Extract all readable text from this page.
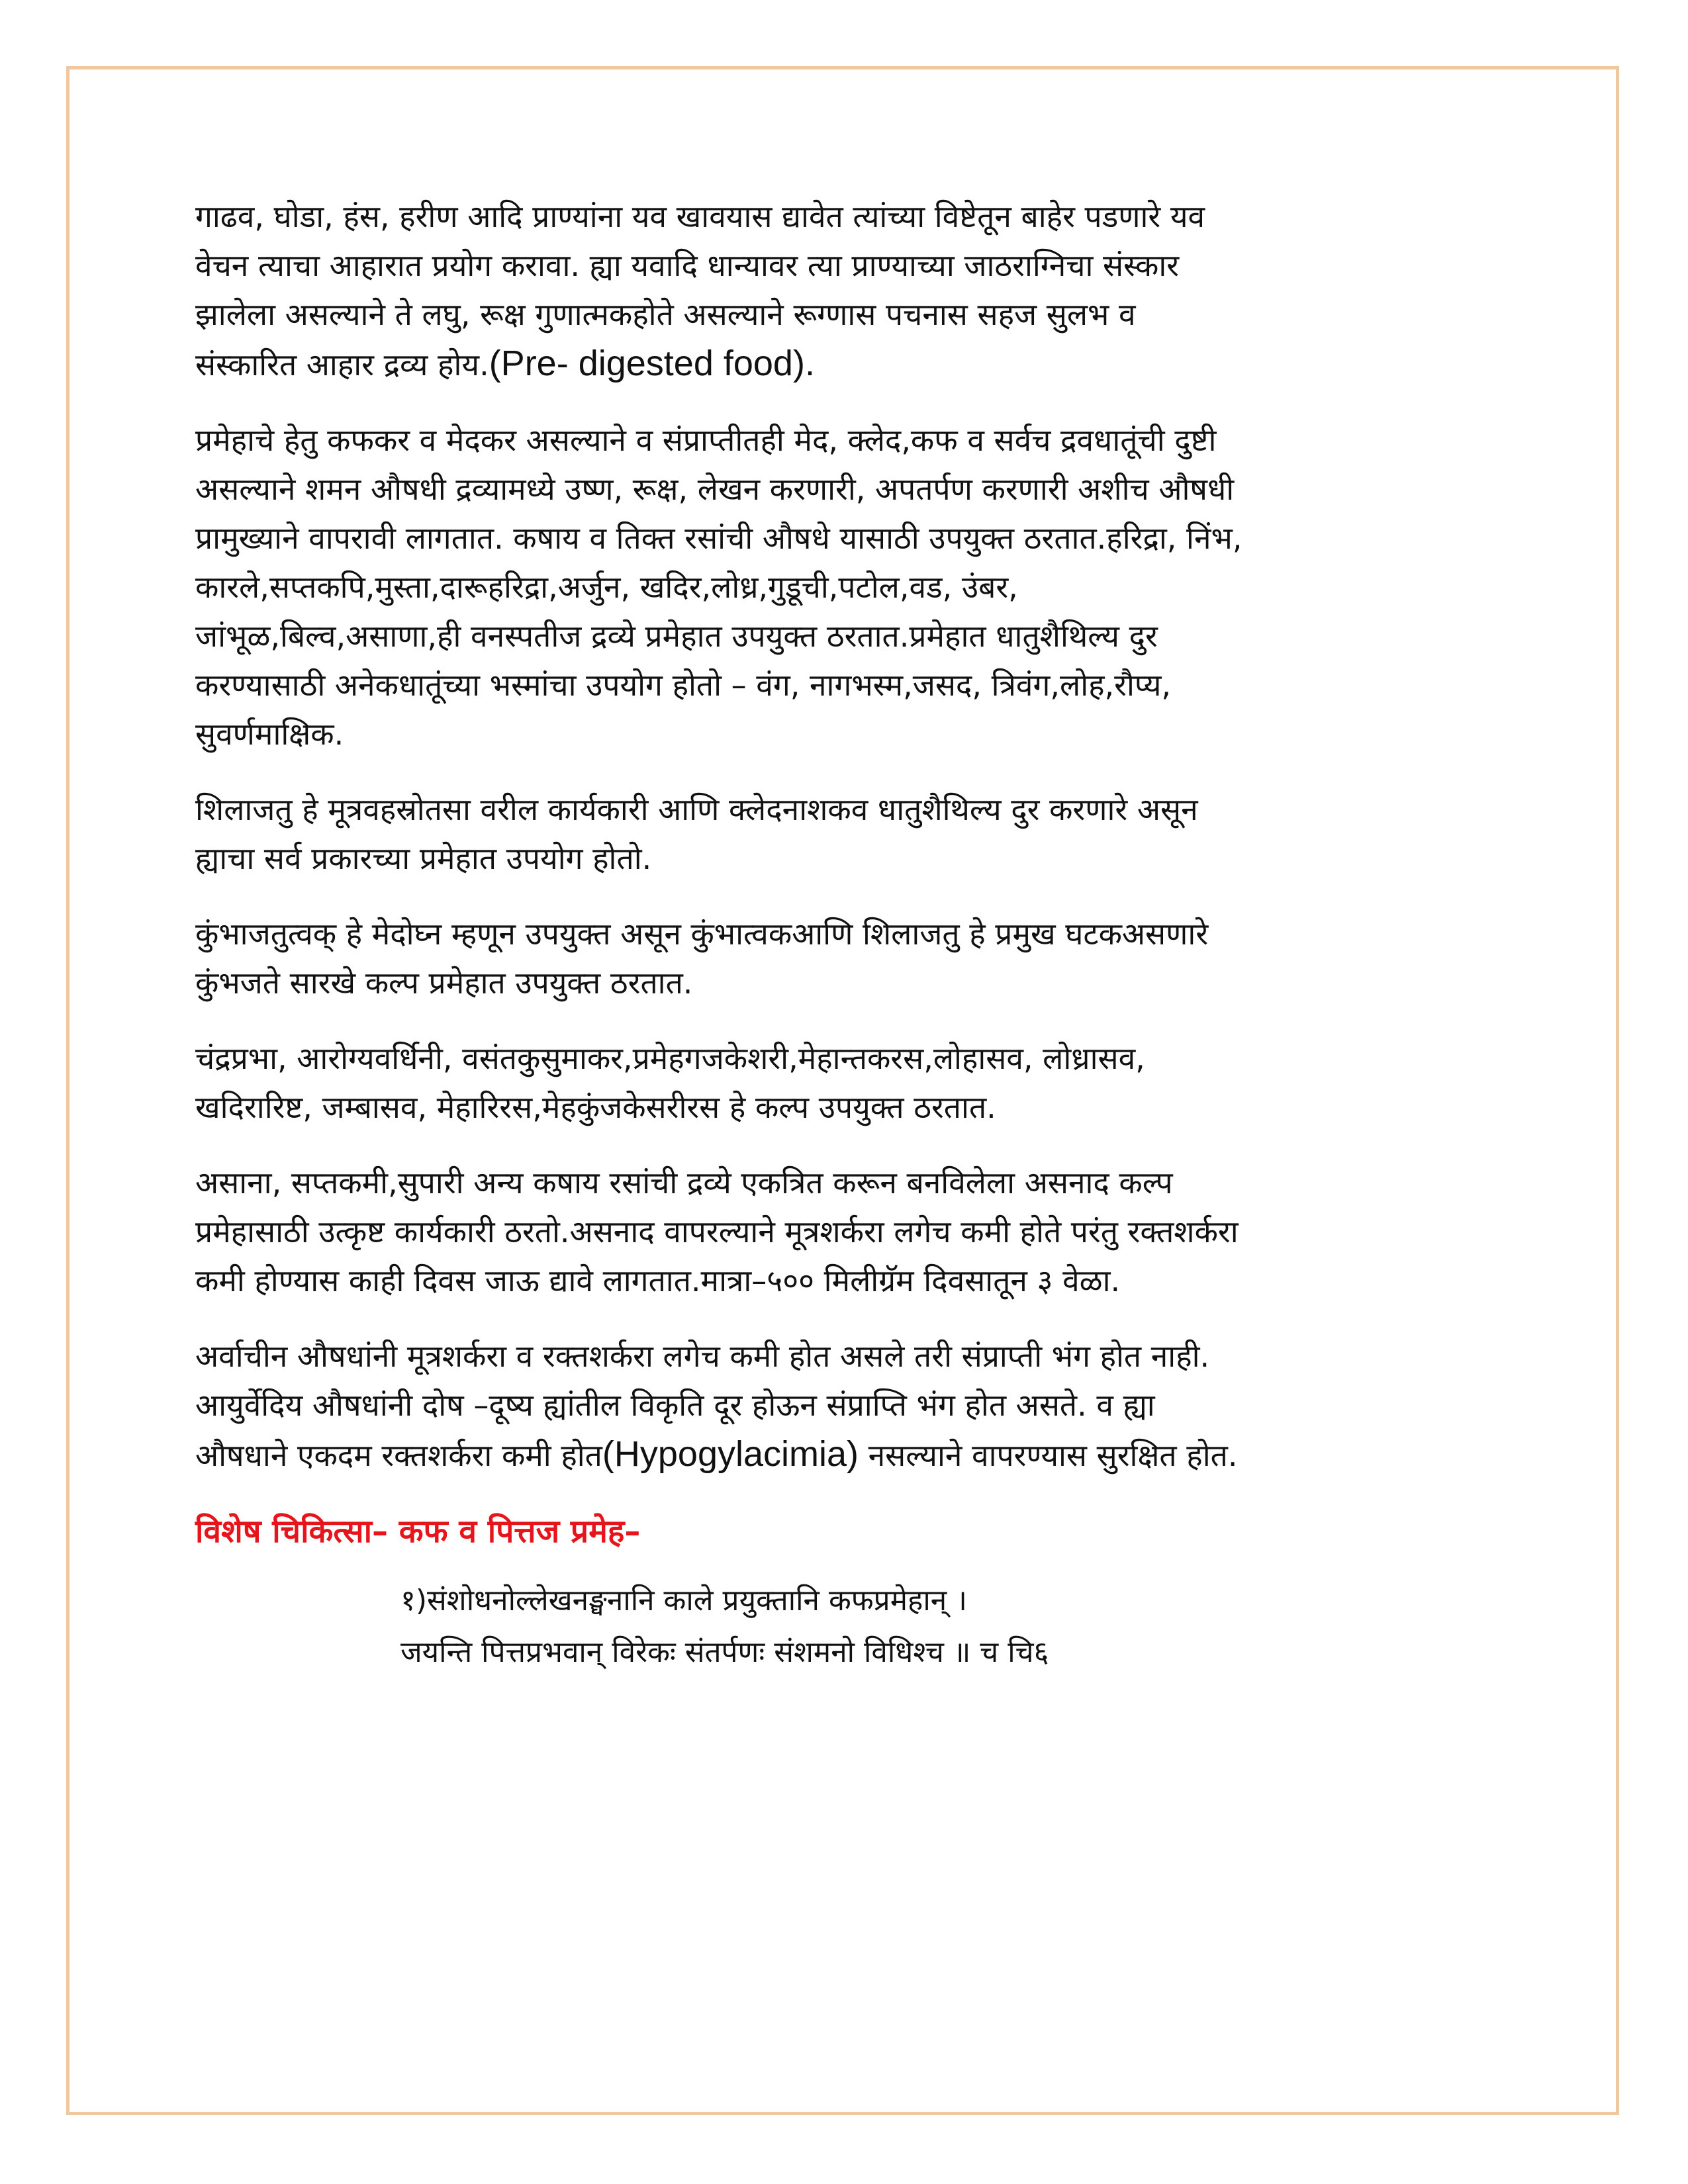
गाढव, घोडा, हंस, हरीण आदि प्राण्यांना यव खावयास द्यावेत त्यांच्या विष्टेतून बाहेर पडणारे यव
वेचन त्याचा आहारात प्रयोग करावा. ह्या यवादि धान्यावर त्या प्राण्याच्या जाठराग्निचा संस्कार
झालेला असल्याने ते लघु, रूक्ष गुणात्मकहोते असल्याने रूग्णास पचनास सहज सुलभ व
संस्कारित आहार द्रव्य होय.(Pre- digested food).
प्रमेहाचे हेतु कफकर व मेदकर असल्याने व संप्राप्तीतही मेद, क्लेद,कफ व सर्वच द्रवधातूंची दुष्टी
असल्याने शमन औषधी द्रव्यामध्ये उष्ण, रूक्ष, लेखन करणारी, अपतर्पण करणारी अशीच औषधी
प्रामुख्याने वापरावी लागतात. कषाय व तिक्त रसांची औषधे यासाठी उपयुक्त ठरतात.हरिद्रा, निंभ,
कारले,सप्तकपि,मुस्ता,दारूहरिद्रा,अर्जुन, खदिर,लोध्र,गुडूची,पटोल,वड, उंबर,
जांभूळ,बिल्व,असाणा,ही वनस्पतीज द्रव्ये प्रमेहात उपयुक्त ठरतात.प्रमेहात धातुशैथिल्य दुर
करण्यासाठी अनेकधातूंच्या भस्मांचा उपयोग होतो – वंग, नागभस्म,जसद, त्रिवंग,लोह,रौप्य,
सुवर्णमाक्षिक.
शिलाजतु हे मूत्रवहस्रोतसा वरील कार्यकारी आणि क्लेदनाशकव धातुशैथिल्य दुर करणारे असून
ह्याचा सर्व प्रकारच्या प्रमेहात उपयोग होतो.
कुंभाजतुत्वक् हे मेदोघ्न म्हणून उपयुक्त असून कुंभात्वकआणि शिलाजतु हे प्रमुख घटकअसणारे
कुंभजते सारखे कल्प प्रमेहात उपयुक्त ठरतात.
चंद्रप्रभा, आरोग्यवर्धिनी, वसंतकुसुमाकर,प्रमेहगजकेशरी,मेहान्तकरस,लोहासव, लोध्रासव,
खदिरारिष्ट, जम्बासव, मेहारिरस,मेहकुंजकेसरीरस हे कल्प उपयुक्त ठरतात.
असाना, सप्तकमी,सुपारी अन्य कषाय रसांची द्रव्ये एकत्रित करून बनविलेला असनाद कल्प
प्रमेहासाठी उत्कृष्ट कार्यकारी ठरतो.असनाद वापरल्याने मूत्रशर्करा लगेच कमी होते परंतु रक्तशर्करा
कमी होण्यास काही दिवस जाऊ द्यावे लागतात.मात्रा–५०० मिलीग्रॅम दिवसातून ३ वेळा.
अर्वाचीन औषधांनी मूत्रशर्करा व रक्तशर्करा लगेच कमी होत असले तरी संप्राप्ती भंग होत नाही.
आयुर्वेदिय औषधांनी दोष –दूष्य ह्यांतील विकृति दूर होऊन संप्राप्ति भंग होत असते. व ह्या
औषधाने एकदम रक्तशर्करा कमी होत(Hypogylacimia) नसल्याने वापरण्यास सुरक्षित होत.
विशेष चिकित्सा– कफ व पित्तज प्रमेह–
१)संशोधनोल्लेखनङ्घनानि काले प्रयुक्तानि कफप्रमेहान् ।
जयन्ति पित्तप्रभवान् विरेकः संतर्पणः संशमनो विधिश्च ॥ च चि६
